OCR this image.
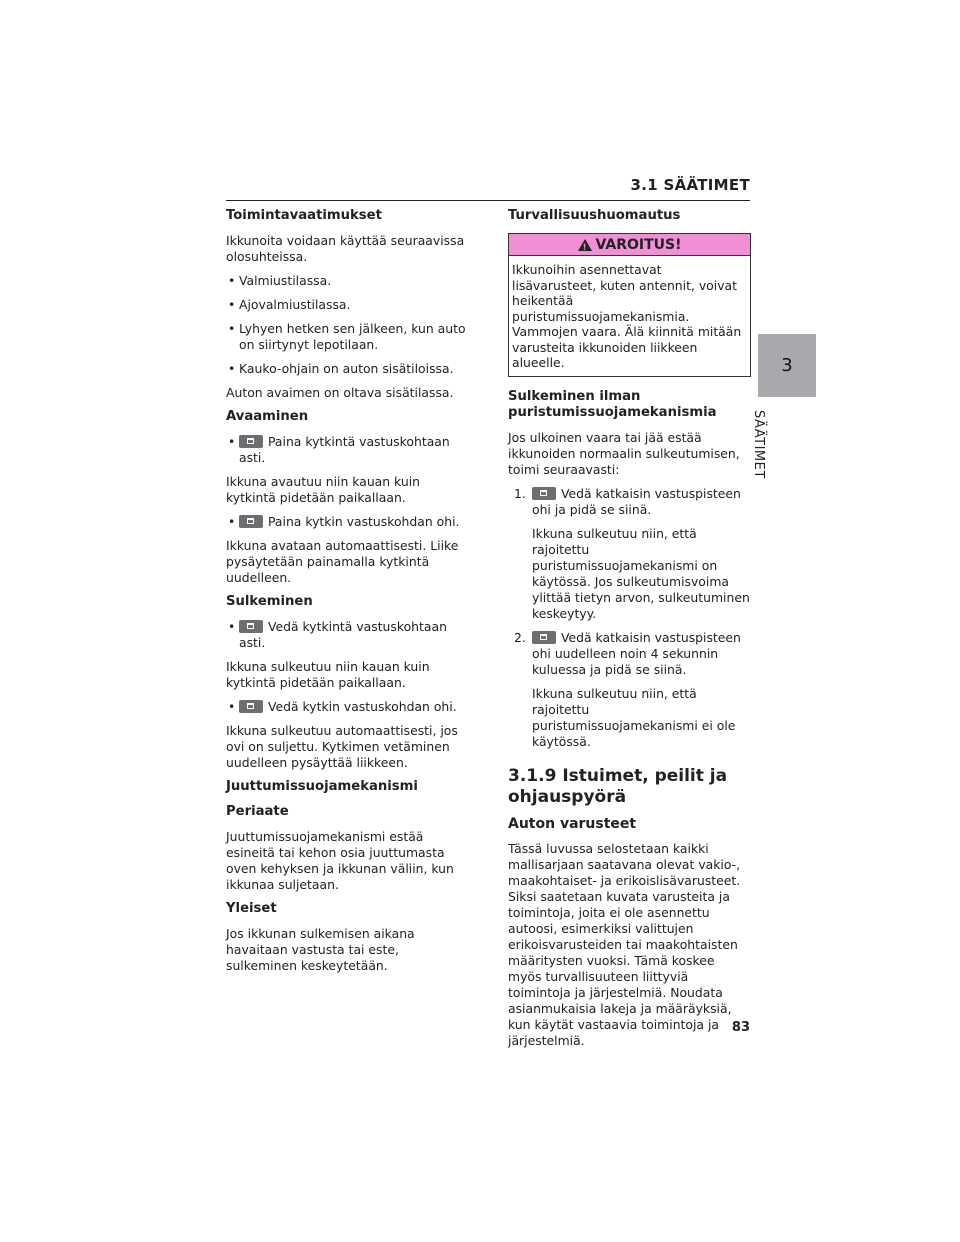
3.1 SÄÄTIMET
3
SÄÄTIMET

Toimintavaatimukset

Ikkunoita voidaan käyttää seuraavissa olosuhteissa.

• Valmiustilassa.
• Ajovalmiustilassa.
• Lyhyen hetken sen jälkeen, kun auto on siirtynyt lepotilaan.
• Kauko-ohjain on auton sisätiloissa.

Auton avaimen on oltava sisätilassa.

Avaaminen

• Paina kytkintä vastuskohtaan asti.

Ikkuna avautuu niin kauan kuin kytkintä pidetään paikallaan.

• Paina kytkin vastuskohdan ohi.

Ikkuna avataan automaattisesti. Liike pysäytetään painamalla kytkintä uudelleen.

Sulkeminen

• Vedä kytkintä vastuskohtaan asti.

Ikkuna sulkeutuu niin kauan kuin kytkintä pidetään paikallaan.

• Vedä kytkin vastuskohdan ohi.

Ikkuna sulkeutuu automaattisesti, jos ovi on suljettu. Kytkimen vetäminen uudelleen pysäyttää liikkeen.

Juuttumissuojamekanismi

Periaate

Juuttumissuojamekanismi estää esineitä tai kehon osia juuttumasta oven kehyksen ja ikkunan väliin, kun ikkunaa suljetaan.

Yleiset

Jos ikkunan sulkemisen aikana havaitaan vastusta tai este, sulkeminen keskeytetään.

Turvallisuushuomautus

!
VAROITUS!
Ikkunoihin asennettavat lisävarusteet, kuten antennit, voivat heikentää puristumissuojamekanismia. Vammojen vaara. Älä kiinnitä mitään varusteita ikkunoiden liikkeen alueelle.

Sulkeminen ilman puristumissuojamekanismia

Jos ulkoinen vaara tai jää estää ikkunoiden normaalin sulkeutumisen, toimi seuraavasti:

1.	Vedä katkaisin vastuspisteen ohi ja pidä se siinä.

Ikkuna sulkeutuu niin, että rajoitettu puristumissuojamekanismi on käytössä. Jos sulkeutumisvoima ylittää tietyn arvon, sulkeutuminen keskeytyy.

2.	Vedä katkaisin vastuspisteen ohi uudelleen noin 4 sekunnin kuluessa ja pidä se siinä.

Ikkuna sulkeutuu niin, että rajoitettu puristumissuojamekanismi ei ole käytössä.

3.1.9 Istuimet, peilit ja ohjauspyörä

Auton varusteet

Tässä luvussa selostetaan kaikki mallisarjaan saatavana olevat vakio-, maakohtaiset- ja erikoislisävarusteet. Siksi saatetaan kuvata varusteita ja toimintoja, joita ei ole asennettu autoosi, esimerkiksi valittujen erikoisvarusteiden tai maakohtaisten määritysten vuoksi. Tämä koskee myös turvallisuuteen liittyviä toimintoja ja järjestelmiä. Noudata asianmukaisia lakeja ja määräyksiä, kun käytät vastaavia toimintoja ja järjestelmiä.

83
